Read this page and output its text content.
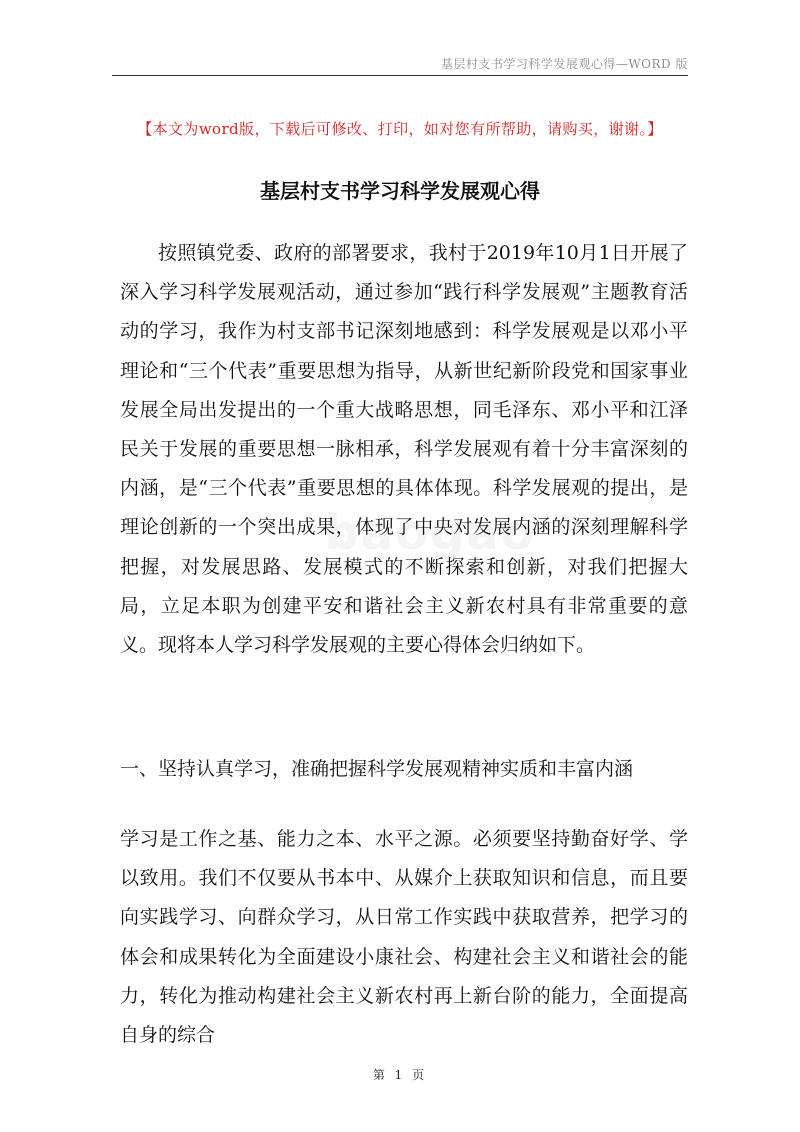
基层村支书学习科学发展观心得—WORD 版
【本文为word版，下载后可修改、打印，如对您有所帮助，请购买，谢谢。】
基层村支书学习科学发展观心得

按照镇党委、政府的部署要求，我村于2019年10月1日开展了深入学习科学发展观活动，通过参加“践行科学发展观”主题教育活动的学习，我作为村支部书记深刻地感到：科学发展观是以邓小平理论和“三个代表”重要思想为指导，从新世纪新阶段党和国家事业发展全局出发提出的一个重大战略思想，同毛泽东、邓小平和江泽民关于发展的重要思想一脉相承，科学发展观有着十分丰富深刻的内涵，是“三个代表”重要思想的具体体现。科学发展观的提出，是理论创新的一个突出成果，体现了中央对发展内涵的深刻理解科学把握，对发展思路、发展模式的不断探索和创新，对我们把握大局，立足本职为创建平安和谐社会主义新农村具有非常重要的意义。现将本人学习科学发展观的主要心得体会归纳如下。

一、坚持认真学习，准确把握科学发展观精神实质和丰富内涵

学习是工作之基、能力之本、水平之源。必须要坚持勤奋好学、学以致用。我们不仅要从书本中、从媒介上获取知识和信息，而且要向实践学习、向群众学习，从日常工作实践中获取营养，把学习的体会和成果转化为全面建设小康社会、构建社会主义和谐社会的能力，转化为推动构建社会主义新农村再上新台阶的能力，全面提高自身的综合

第 1 页
